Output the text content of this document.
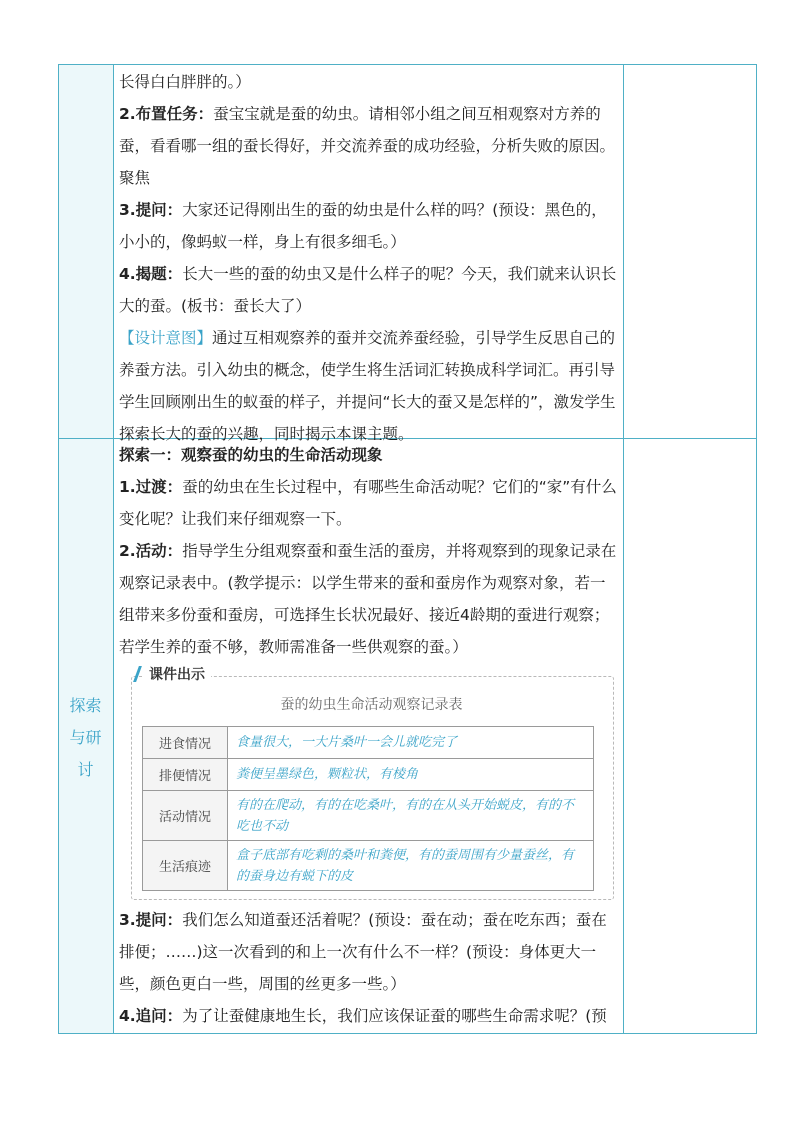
长得白白胖胖的。）

2.布置任务：蚕宝宝就是蚕的幼虫。请相邻小组之间互相观察对方养的蚕，看看哪一组的蚕长得好，并交流养蚕的成功经验，分析失败的原因。聚焦

3.提问：大家还记得刚出生的蚕的幼虫是什么样的吗？(预设：黑色的，小小的，像蚂蚁一样，身上有很多细毛。）

4.揭题：长大一些的蚕的幼虫又是什么样子的呢？今天，我们就来认识长大的蚕。(板书：蚕长大了）

【设计意图】通过互相观察养的蚕并交流养蚕经验，引导学生反思自己的养蚕方法。引入幼虫的概念，使学生将生活词汇转换成科学词汇。再引导学生回顾刚出生的蚁蚕的样子，并提问“长大的蚕又是怎样的”，激发学生探索长大的蚕的兴趣，同时揭示本课主题。

探索
与研
讨

探索一：观察蚕的幼虫的生命活动现象

1.过渡：蚕的幼虫在生长过程中，有哪些生命活动呢？它们的“家”有什么变化呢？让我们来仔细观察一下。

2.活动：指导学生分组观察蚕和蚕生活的蚕房，并将观察到的现象记录在观察记录表中。(教学提示：以学生带来的蚕和蚕房作为观察对象，若一组带来多份蚕和蚕房，可选择生长状况最好、接近4龄期的蚕进行观察；若学生养的蚕不够，教师需准备一些供观察的蚕。）

课件出示
蚕的幼虫生命活动观察记录表
进食情况	食量很大，一大片桑叶一会儿就吃完了
排便情况	粪便呈墨绿色，颗粒状，有棱角
活动情况	有的在爬动，有的在吃桑叶，有的在从头开始蜕皮，有的不吃也不动
生活痕迹	盒子底部有吃剩的桑叶和粪便，有的蚕周围有少量蚕丝，有的蚕身边有蜕下的皮

3.提问：我们怎么知道蚕还活着呢？(预设：蚕在动；蚕在吃东西；蚕在排便；……)这一次看到的和上一次有什么不一样？(预设：身体更大一些，颜色更白一些，周围的丝更多一些。）

4.追问：为了让蚕健康地生长，我们应该保证蚕的哪些生命需求呢？(预
